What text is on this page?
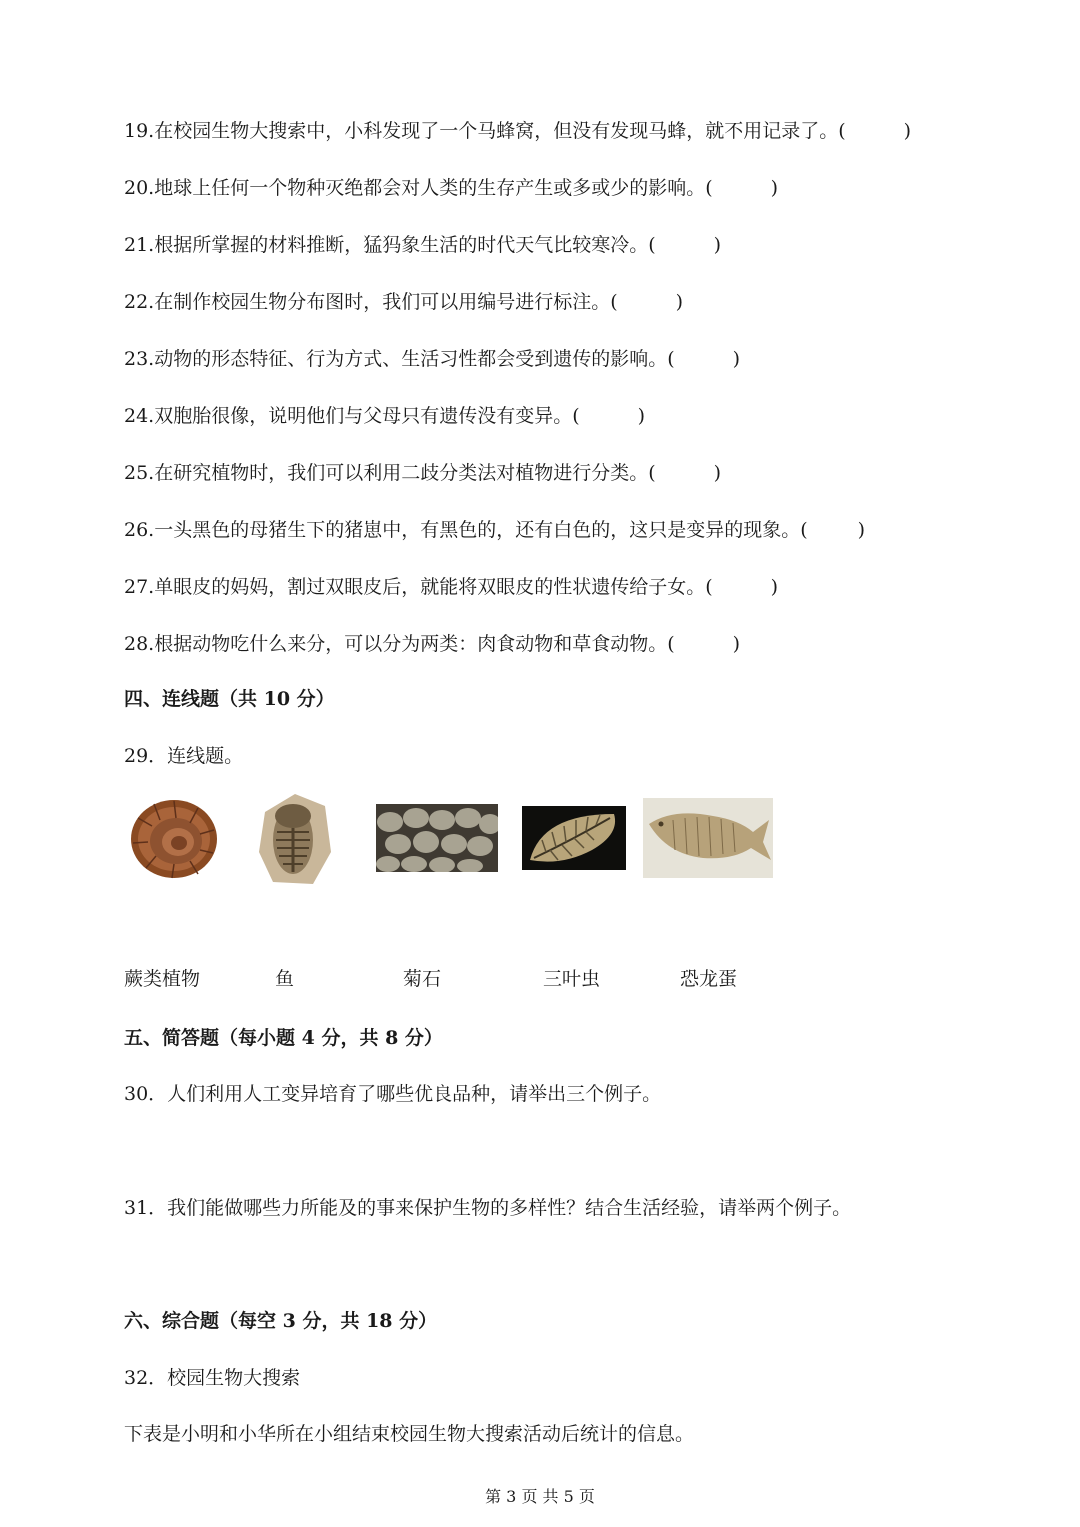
19.在校园生物大搜索中，小科发现了一个马蜂窝，但没有发现马蜂，就不用记录了。(	)
20.地球上任何一个物种灭绝都会对人类的生存产生或多或少的影响。(	)
21.根据所掌握的材料推断，猛犸象生活的时代天气比较寒冷。(	)
22.在制作校园生物分布图时，我们可以用编号进行标注。(	)
23.动物的形态特征、行为方式、生活习性都会受到遗传的影响。(	)
24.双胞胎很像，说明他们与父母只有遗传没有变异。(	)
25.在研究植物时，我们可以利用二歧分类法对植物进行分类。(	)
26.一头黑色的母猪生下的猪崽中，有黑色的，还有白色的，这只是变异的现象。(	)
27.单眼皮的妈妈，割过双眼皮后，就能将双眼皮的性状遗传给子女。(	)
28.根据动物吃什么来分，可以分为两类：肉食动物和草食动物。(	)
四、连线题（共 10 分）
29．连线题。
蕨类植物	鱼	菊石	三叶虫	恐龙蛋
五、简答题（每小题 4 分，共 8 分）
30．人们利用人工变异培育了哪些优良品种，请举出三个例子。
31．我们能做哪些力所能及的事来保护生物的多样性？结合生活经验，请举两个例子。
六、综合题（每空 3 分，共 18 分）
32．校园生物大搜索
下表是小明和小华所在小组结束校园生物大搜索活动后统计的信息。
第 3 页 共 5 页
